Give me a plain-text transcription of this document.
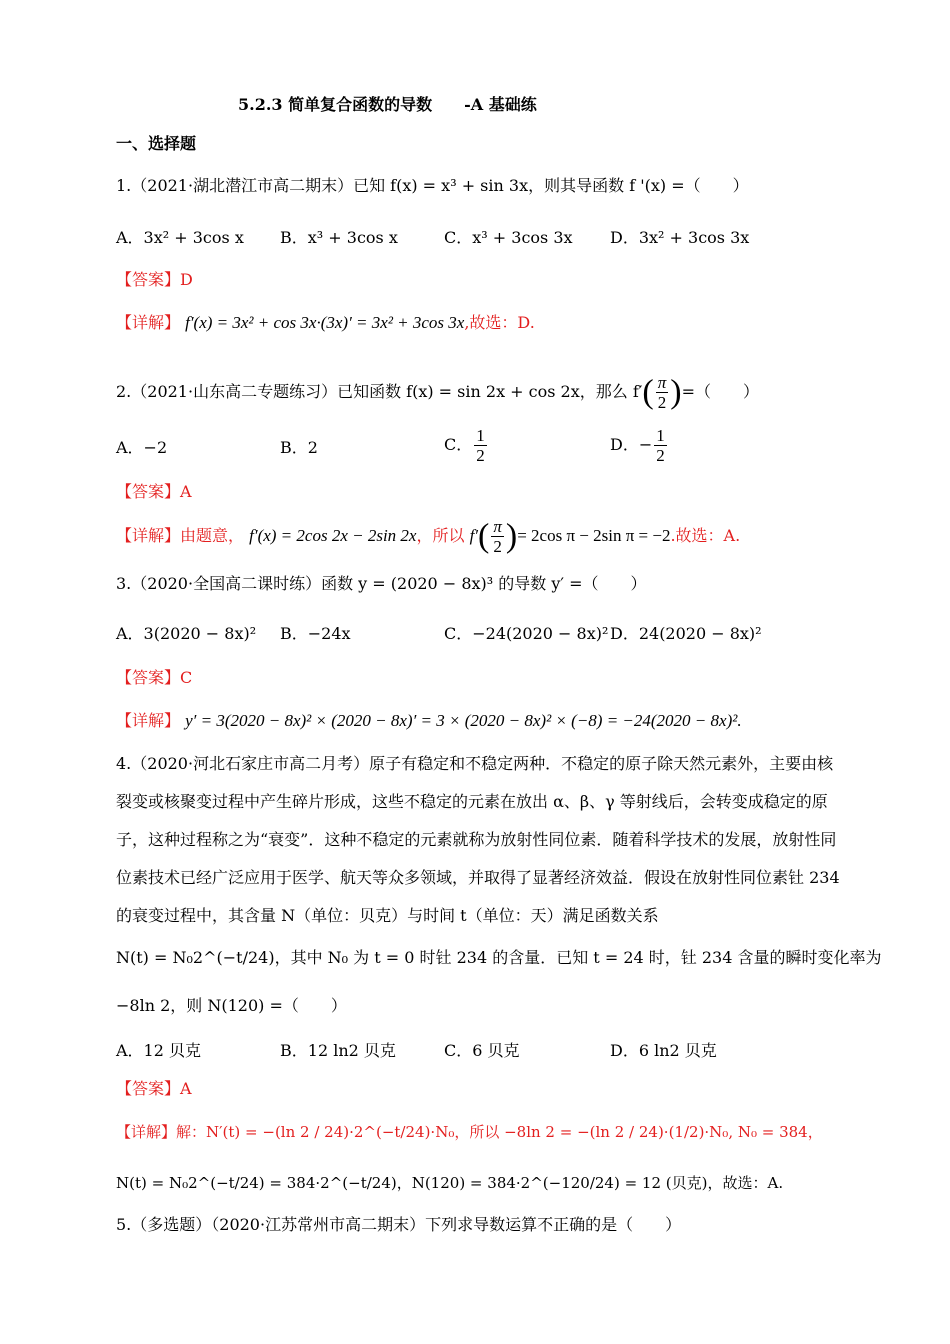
5.2.3 简单复合函数的导数　　-A 基础练
一、选择题
1.（2021·湖北潜江市高二期末）已知 f(x) = x³ + sin 3x，则其导函数 f '(x) =（　　）
A．3x² + 3cos x B．x³ + 3cos x	C．x³ + 3cos 3x D．3x² + 3cos 3x
【答案】D
【详解】 f′(x) = 3x² + cos 3x·(3x)′ = 3x² + 3cos 3x,故选：D.
2.（2021·山东高二专题练习）已知函数 f(x) = sin 2x + cos 2x，那么 $f'( \frac{\pi}{2}$ )=（　　）
A．−2	B．2	C． $\frac{1}{2}$	D．− $\frac{1}{2}$
【答案】A
【详解】由题意， f′(x) = 2cos 2x − 2sin 2x，所以 $f'( \frac{\pi}{2}$ )= 2cos π − 2sin π = −2.故选：A.
3.（2020·全国高二课时练）函数 y = (2020 − 8x)³ 的导数 y′ =（　　）
A．3(2020 − 8x)² B．−24x	C．−24(2020 − 8x)² D．24(2020 − 8x)²
【答案】C
【详解】 y′ = 3(2020 − 8x)² × (2020 − 8x)′ = 3 × (2020 − 8x)² × (−8) = −24(2020 − 8x)².
4.（2020·河北石家庄市高二月考）原子有稳定和不稳定两种．不稳定的原子除天然元素外，主要由核裂变或核聚变过程中产生碎片形成，这些不稳定的元素在放出 α、β、γ 等射线后，会转变成稳定的原子，这种过程称之为“衰变”．这种不稳定的元素就称为放射性同位素．随着科学技术的发展，放射性同位素技术已经广泛应用于医学、航天等众多领域，并取得了显著经济效益．假设在放射性同位素钍 234 的衰变过程中，其含量 N（单位：贝克）与时间 t（单位：天）满足函数关系
N(t) = N₀2^(−t/24)，其中 N₀ 为 t = 0 时钍 234 的含量．已知 t = 24 时，钍 234 含量的瞬时变化率为
−8ln 2，则 N(120) =（　　）
A．12 贝克	B．12 ln2 贝克	C．6 贝克	D．6 ln2 贝克
【答案】A
【详解】解：N′(t) = −(ln 2 / 24)·2^(−t/24)·N₀，所以 −8ln 2 = −(ln 2 / 24)·(1/2)·N₀, N₀ = 384，
N(t) = N₀2^(−t/24) = 384·2^(−t/24)，N(120) = 384·2^(−120/24) = 12 (贝克)，故选：A.
5.（多选题）（2020·江苏常州市高二期末）下列求导数运算不正确的是（　　）
